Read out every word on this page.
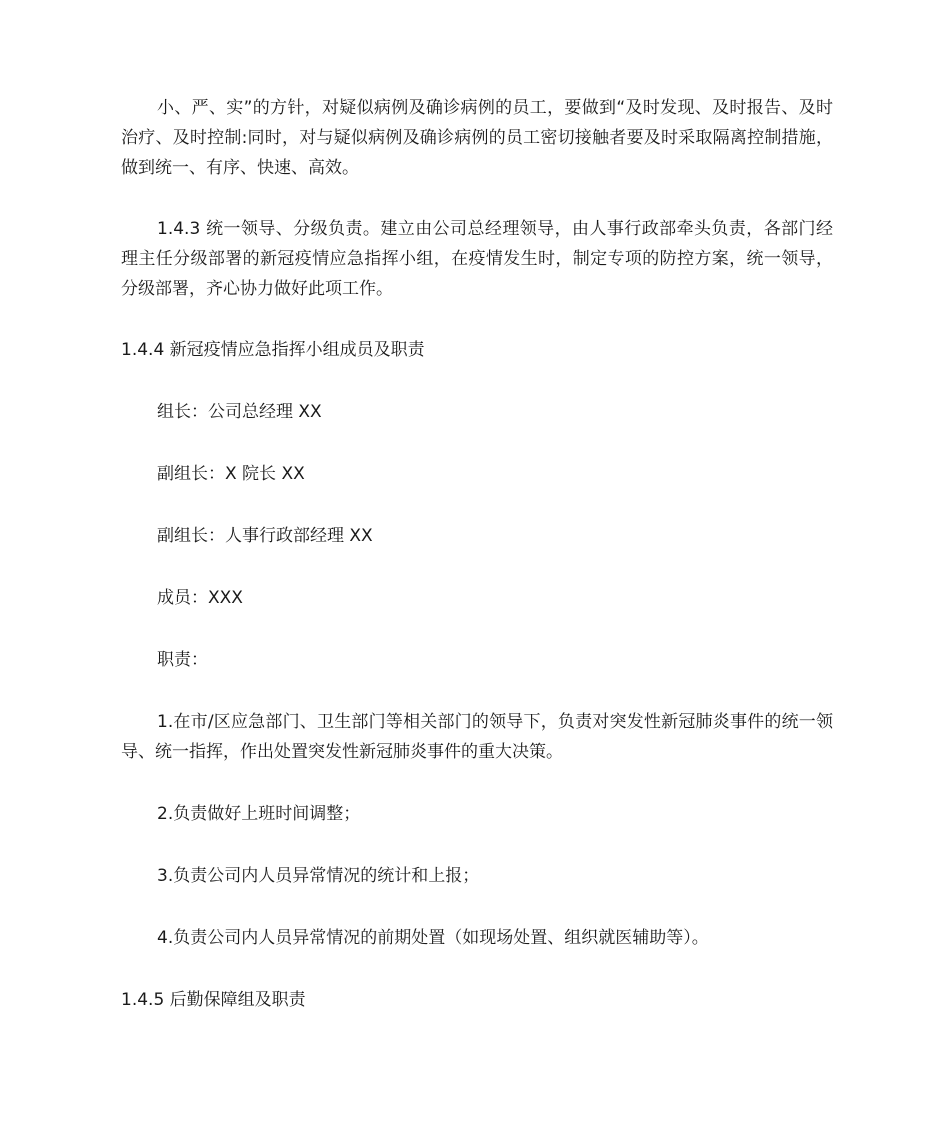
小、严、实”的方针，对疑似病例及确诊病例的员工，要做到“及时发现、及时报告、及时治疗、及时控制:同时，对与疑似病例及确诊病例的员工密切接触者要及时采取隔离控制措施，做到统一、有序、快速、高效。

1.4.3 统一领导、分级负责。建立由公司总经理领导，由人事行政部牵头负责，各部门经理主任分级部署的新冠疫情应急指挥小组，在疫情发生时，制定专项的防控方案，统一领导，分级部署，齐心协力做好此项工作。

1.4.4 新冠疫情应急指挥小组成员及职责

组长：公司总经理 XX

副组长：X 院长 XX

副组长：人事行政部经理 XX

成员：XXX

职责：

1.在市/区应急部门、卫生部门等相关部门的领导下，负责对突发性新冠肺炎事件的统一领导、统一指挥，作出处置突发性新冠肺炎事件的重大决策。

2.负责做好上班时间调整；

3.负责公司内人员异常情况的统计和上报；

4.负责公司内人员异常情况的前期处置（如现场处置、组织就医辅助等）。

1.4.5 后勤保障组及职责
